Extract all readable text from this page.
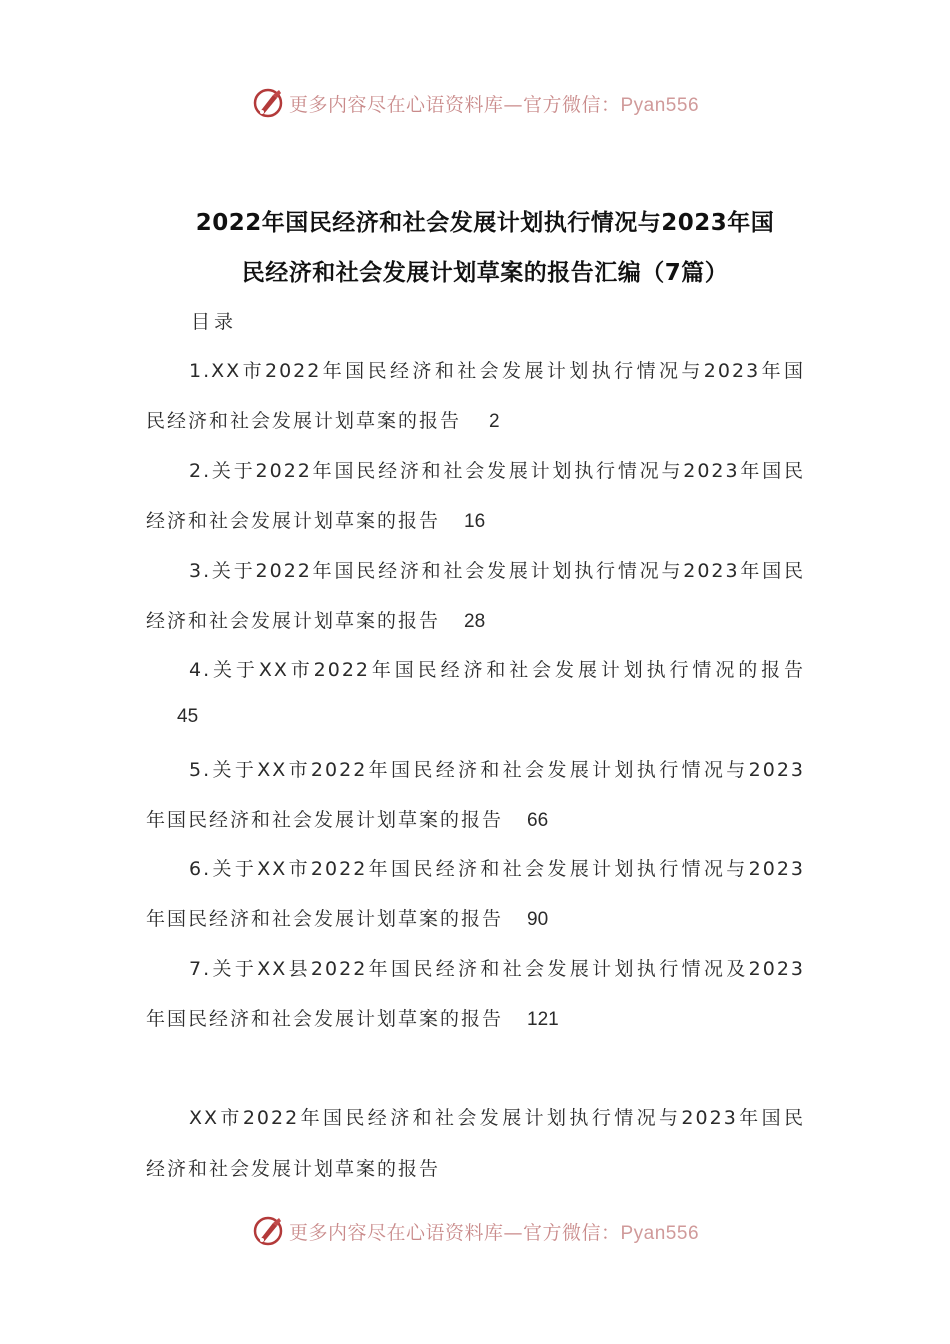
更多内容尽在心语资料库—官方微信：Pyan556
2022年国民经济和社会发展计划执行情况与2023年国
民经济和社会发展计划草案的报告汇编（7篇）
目录
1.XX市2022年国民经济和社会发展计划执行情况与2023年国
民经济和社会发展计划草案的报告 2
2.关于2022年国民经济和社会发展计划执行情况与2023年国民
经济和社会发展计划草案的报告 16
3.关于2022年国民经济和社会发展计划执行情况与2023年国民
经济和社会发展计划草案的报告 28
4.关于XX市2022年国民经济和社会发展计划执行情况的报告
45
5.关于XX市2022年国民经济和社会发展计划执行情况与2023
年国民经济和社会发展计划草案的报告 66
6.关于XX市2022年国民经济和社会发展计划执行情况与2023
年国民经济和社会发展计划草案的报告 90
7.关于XX县2022年国民经济和社会发展计划执行情况及2023
年国民经济和社会发展计划草案的报告 121
XX市2022年国民经济和社会发展计划执行情况与2023年国民
经济和社会发展计划草案的报告
更多内容尽在心语资料库—官方微信：Pyan556
